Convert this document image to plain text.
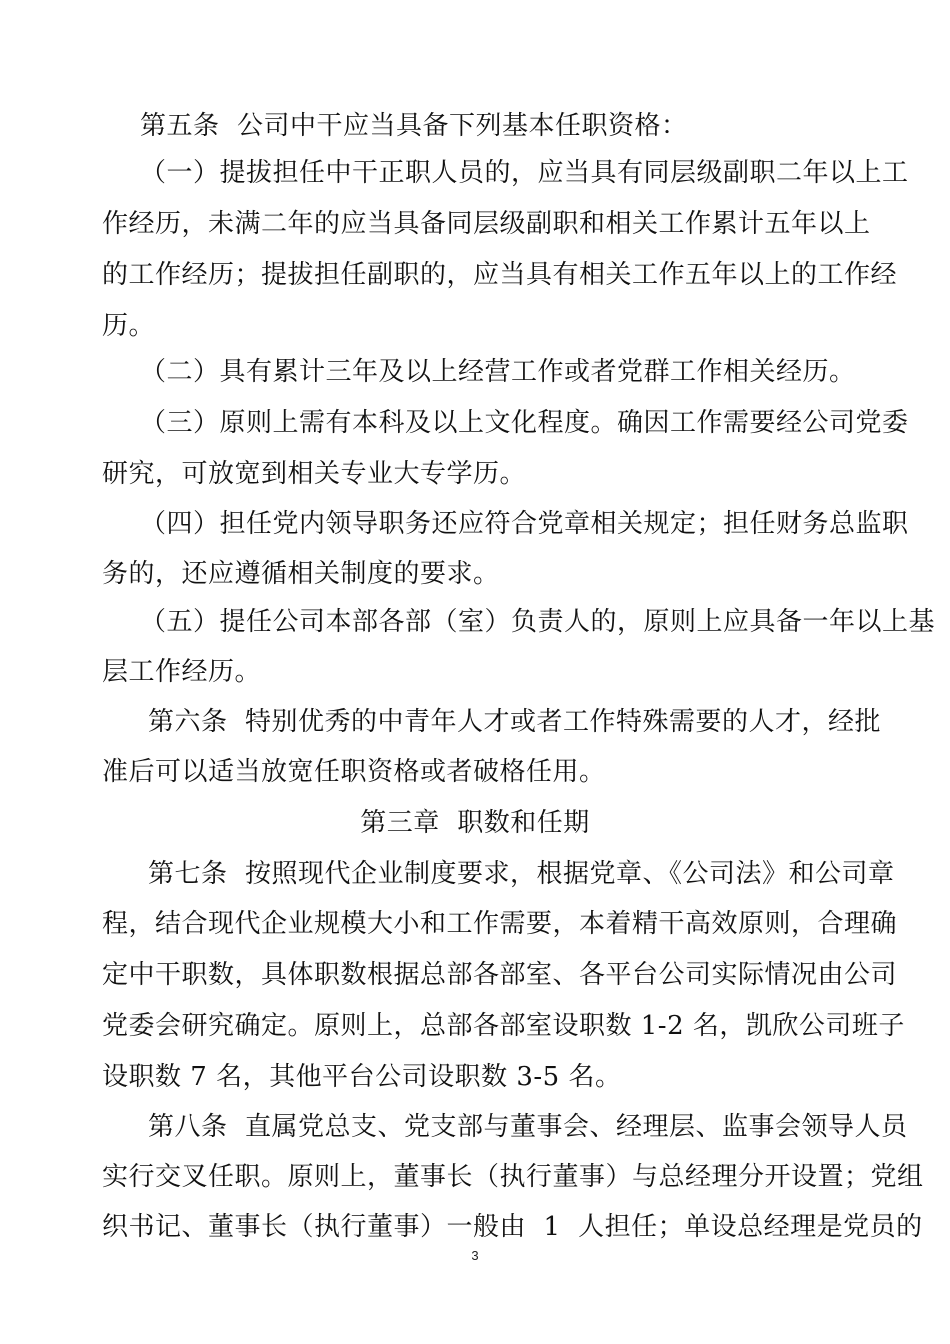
第五条  公司中干应当具备下列基本任职资格：
（一）提拔担任中干正职人员的，应当具有同层级副职二年以上工
作经历，未满二年的应当具备同层级副职和相关工作累计五年以上
的工作经历；提拔担任副职的，应当具有相关工作五年以上的工作经
历。
（二）具有累计三年及以上经营工作或者党群工作相关经历。
（三）原则上需有本科及以上文化程度。确因工作需要经公司党委
研究，可放宽到相关专业大专学历。
（四）担任党内领导职务还应符合党章相关规定；担任财务总监职
务的，还应遵循相关制度的要求。
（五）提任公司本部各部（室）负责人的，原则上应具备一年以上基
层工作经历。
第六条  特别优秀的中青年人才或者工作特殊需要的人才，经批
准后可以适当放宽任职资格或者破格任用。
第三章  职数和任期
第七条  按照现代企业制度要求，根据党章、《公司法》和公司章
程，结合现代企业规模大小和工作需要，本着精干高效原则，合理确
定中干职数，具体职数根据总部各部室、各平台公司实际情况由公司
党委会研究确定。原则上，总部各部室设职数 1-2 名，凯欣公司班子
设职数 7 名，其他平台公司设职数 3-5 名。
第八条  直属党总支、党支部与董事会、经理层、监事会领导人员
实行交叉任职。原则上，董事长（执行董事）与总经理分开设置；党组
织书记、董事长（执行董事）一般由  1  人担任；单设总经理是党员的
3
